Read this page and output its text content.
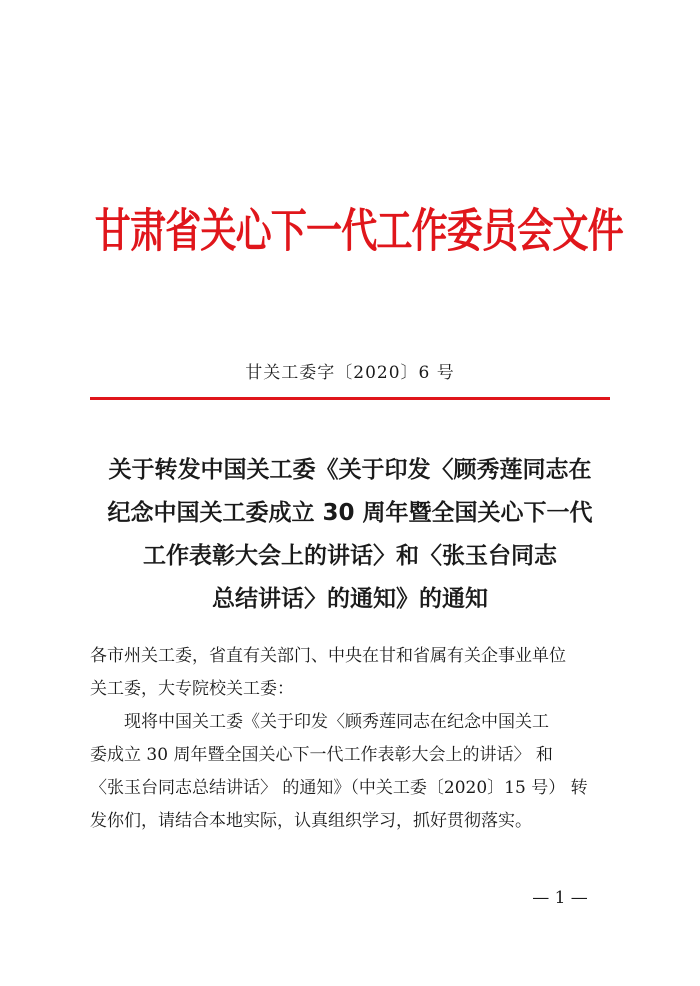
甘肃省关心下一代工作委员会文件
甘关工委字〔2020〕6 号
关于转发中国关工委《关于印发〈顾秀莲同志在
纪念中国关工委成立 30 周年暨全国关心下一代
工作表彰大会上的讲话〉和〈张玉台同志
总结讲话〉的通知》的通知
各市州关工委，省直有关部门、中央在甘和省属有关企事业单位
关工委，大专院校关工委：
现将中国关工委《关于印发〈顾秀莲同志在纪念中国关工
委成立 30 周年暨全国关心下一代工作表彰大会上的讲话〉 和
〈张玉台同志总结讲话〉 的通知》（中关工委〔2020〕15 号） 转
发你们，请结合本地实际，认真组织学习，抓好贯彻落实。
— 1 —
